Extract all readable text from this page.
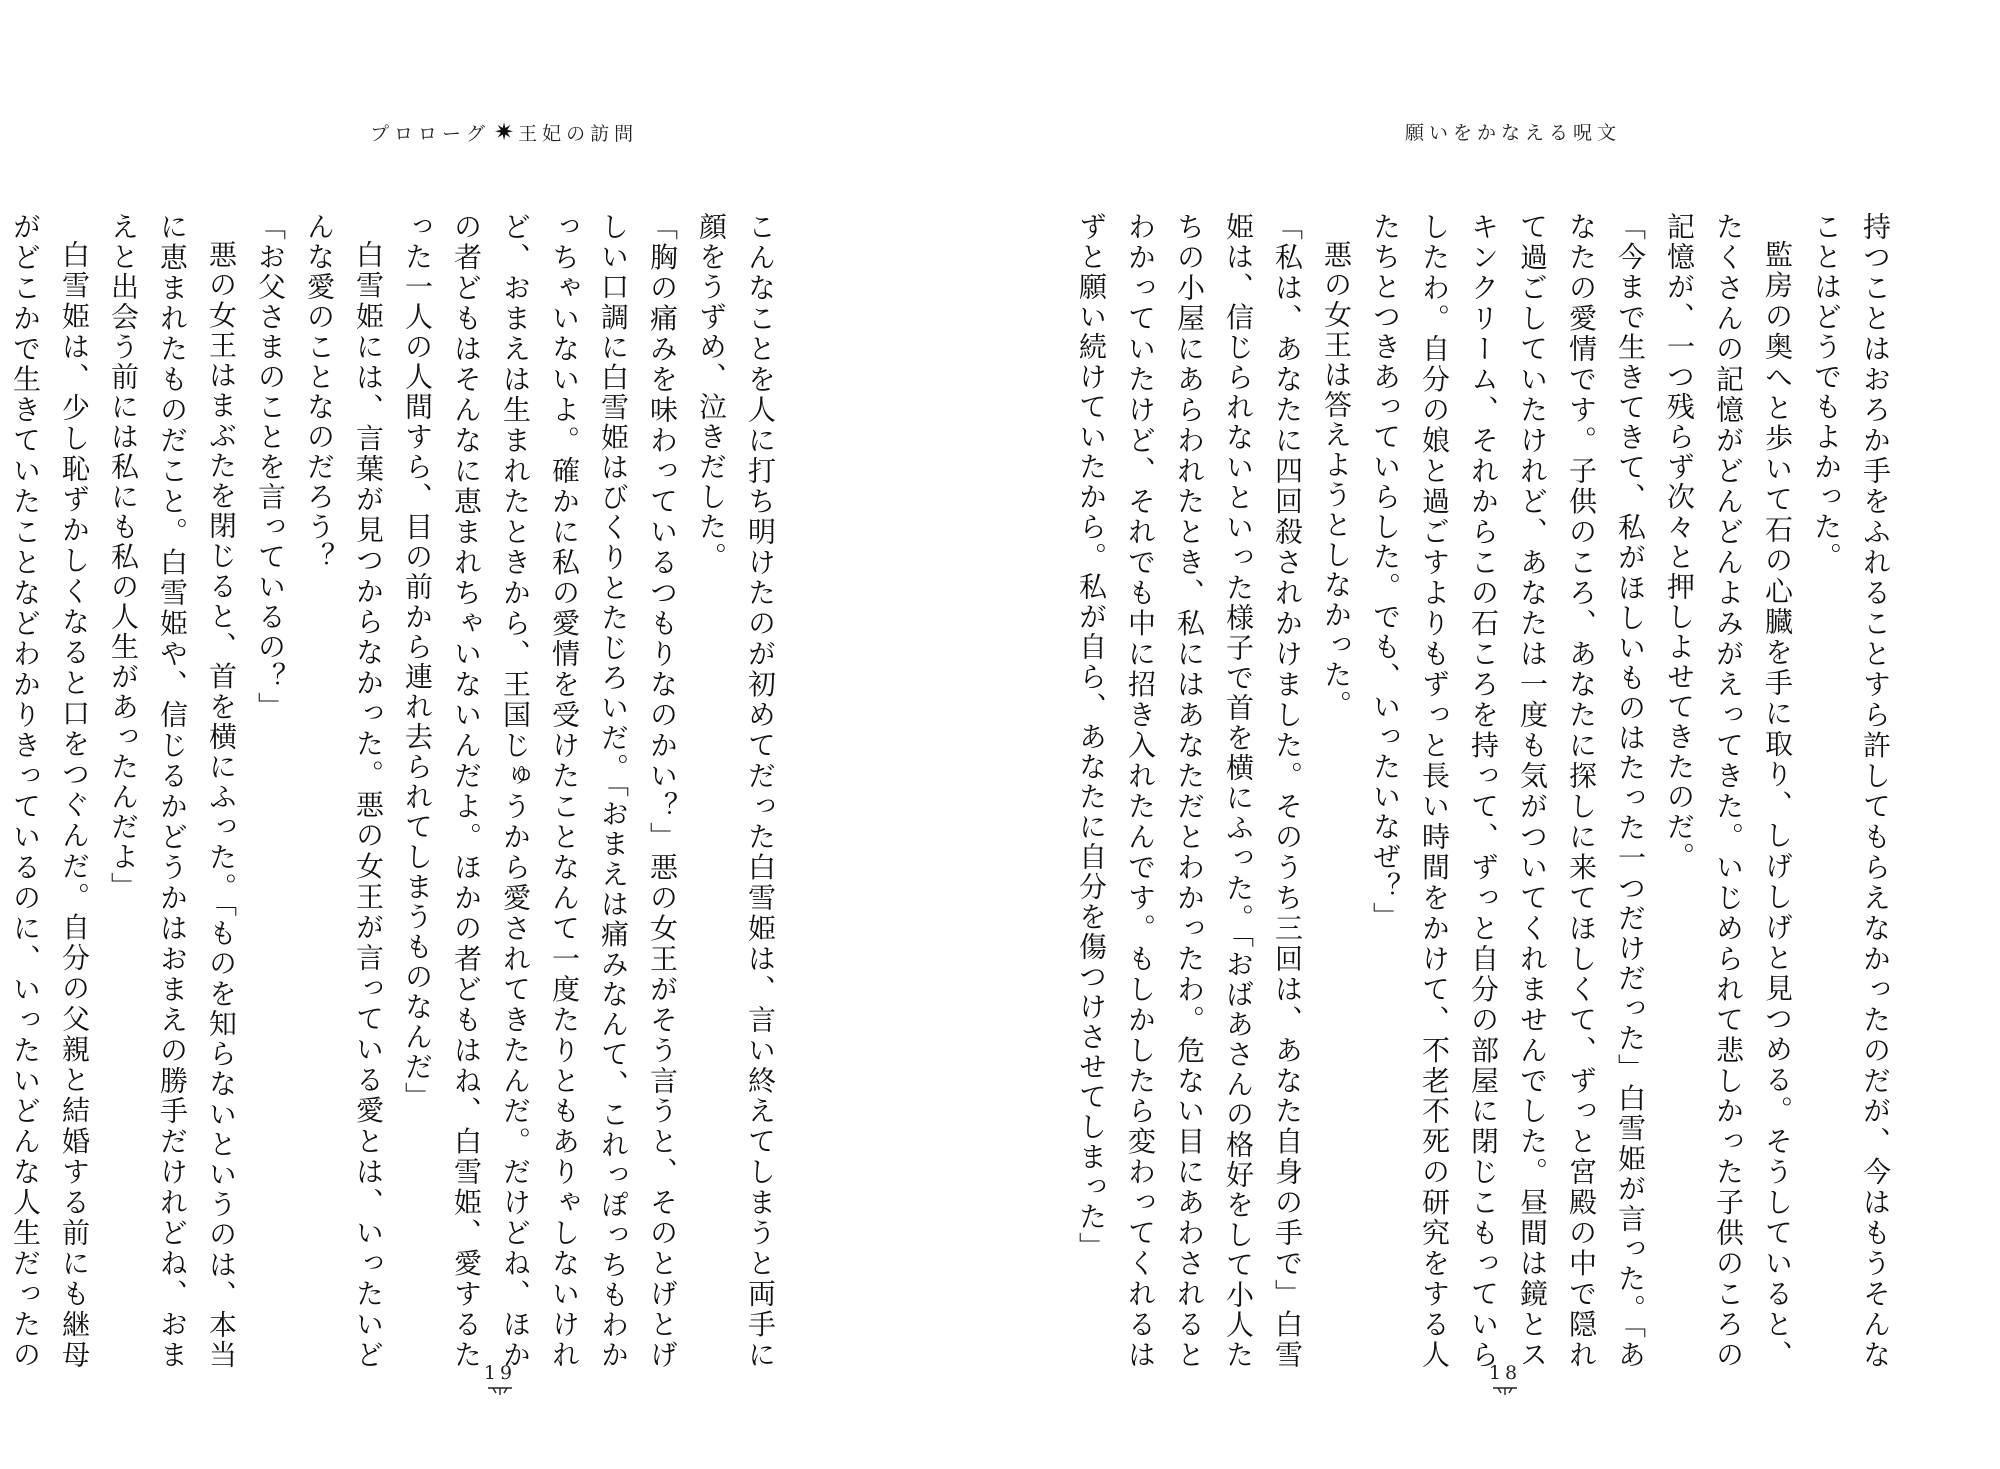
プロローグ ✷ 王妃の訪問

こんなことを人に打ち明けたのが初めてだった白雪姫は、言い終えてしまうと両手に顔をうずめ、泣きだした。

「胸の痛みを味わっているつもりなのかい？」悪の女王がそう言うと、そのとげとげしい口調に白雪姫はびくりとたじろいだ。「おまえは痛みなんて、これっぽっちもわかっちゃいないよ。確かに私の愛情を受けたことなんて一度たりともありゃしないけれど、おまえは生まれたときから、王国じゅうから愛されてきたんだ。だけどね、ほかの者どもはそんなに恵まれちゃいないんだよ。ほかの者どもはね、白雪姫、愛するたった一人の人間すら、目の前から連れ去られてしまうものなんだ」

白雪姫には、言葉が見つからなかった。悪の女王が言っている愛とは、いったいどんな愛のことなのだろう？

「お父さまのことを言っているの？」

悪の女王はまぶたを閉じると、首を横にふった。「ものを知らないというのは、本当に恵まれたものだこと。白雪姫や、信じるかどうかはおまえの勝手だけれどね、おまえと出会う前には私にも私の人生があったんだよ」

白雪姫は、少し恥ずかしくなると口をつぐんだ。自分の父親と結婚する前にも継母がどこかで生きていたことなどわかりきっているのに、いったいどんな人生だったの

19
願いをかなえる呪文

持つことはおろか手をふれることすら許してもらえなかったのだが、今はもうそんなことはどうでもよかった。

監房の奥へと歩いて石の心臓を手に取り、しげしげと見つめる。そうしていると、たくさんの記憶がどんどんよみがえってきた。いじめられて悲しかった子供のころの記憶が、一つ残らず次々と押しよせてきたのだ。

「今まで生きてきて、私がほしいものはたった一つだけだった」白雪姫が言った。「あなたの愛情です。子供のころ、あなたに探しに来てほしくて、ずっと宮殿の中で隠れて過ごしていたけれど、あなたは一度も気がついてくれませんでした。昼間は鏡とスキンクリーム、それからこの石ころを持って、ずっと自分の部屋に閉じこもっていらしたわ。自分の娘と過ごすよりもずっと長い時間をかけて、不老不死の研究をする人たちとつきあっていらした。でも、いったいなぜ？」

悪の女王は答えようとしなかった。

「私は、あなたに四回殺されかけました。そのうち三回は、あなた自身の手で」白雪姫は、信じられないといった様子で首を横にふった。「おばあさんの格好をして小人たちの小屋にあらわれたとき、私にはあなただとわかったわ。危ない目にあわされるとわかっていたけど、それでも中に招き入れたんです。もしかしたら変わってくれるはずと願い続けていたから。私が自ら、あなたに自分を傷つけさせてしまった」

18
